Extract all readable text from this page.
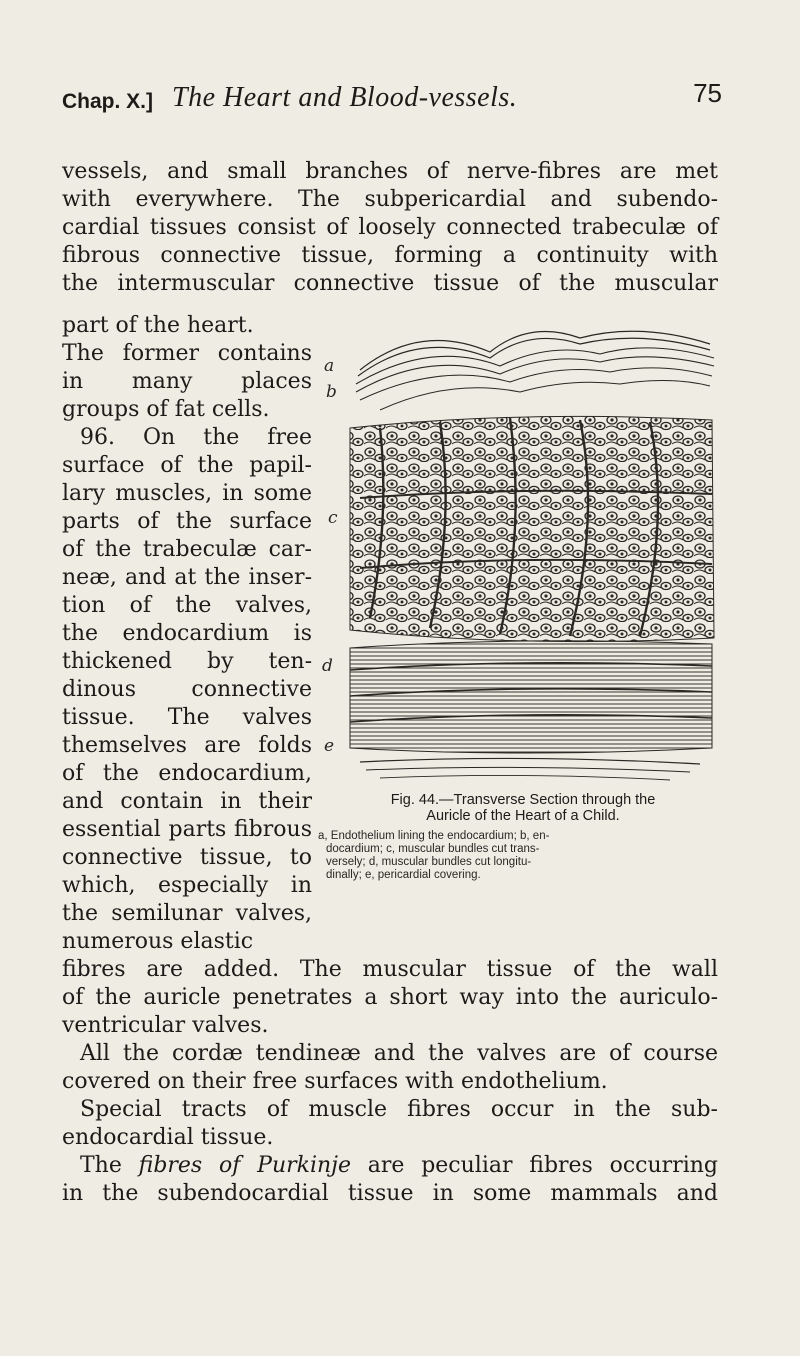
Chap. X.] The Heart and Blood-vessels.	75
vessels, and small branches of nerve-fibres are met
with everywhere. The subpericardial and subendo-
cardial tissues consist of loosely connected trabeculæ of
fibrous connective tissue, forming a continuity with
the intermuscular connective tissue of the muscular
part of the heart.
The former contains
in many places
groups of fat cells.
96. On the free
surface of the papil-
lary muscles, in some
parts of the surface
of the trabeculæ car-
neæ, and at the inser-
tion of the valves,
the endocardium is
thickened by ten-
dinous connective
tissue. The valves
themselves are folds
of the endocardium,
and contain in their
essential parts fibrous
connective tissue, to
which, especially in
the semilunar valves,
a
b
c
d
e
Fig. 44.—Transverse Section through the
Auricle of the Heart of a Child.
a, Endothelium lining the endocardium; b, en-
docardium; c, muscular bundles cut trans-
versely; d, muscular bundles cut longitu-
dinally; e, pericardial covering.
numerous elastic
fibres are added. The muscular tissue of the wall
of the auricle penetrates a short way into the auriculo-
ventricular valves.
All the cordæ tendineæ and the valves are of course
covered on their free surfaces with endothelium.
Special tracts of muscle fibres occur in the sub-
endocardial tissue.
The fibres of Purkinje are peculiar fibres occurring
in the subendocardial tissue in some mammals and
